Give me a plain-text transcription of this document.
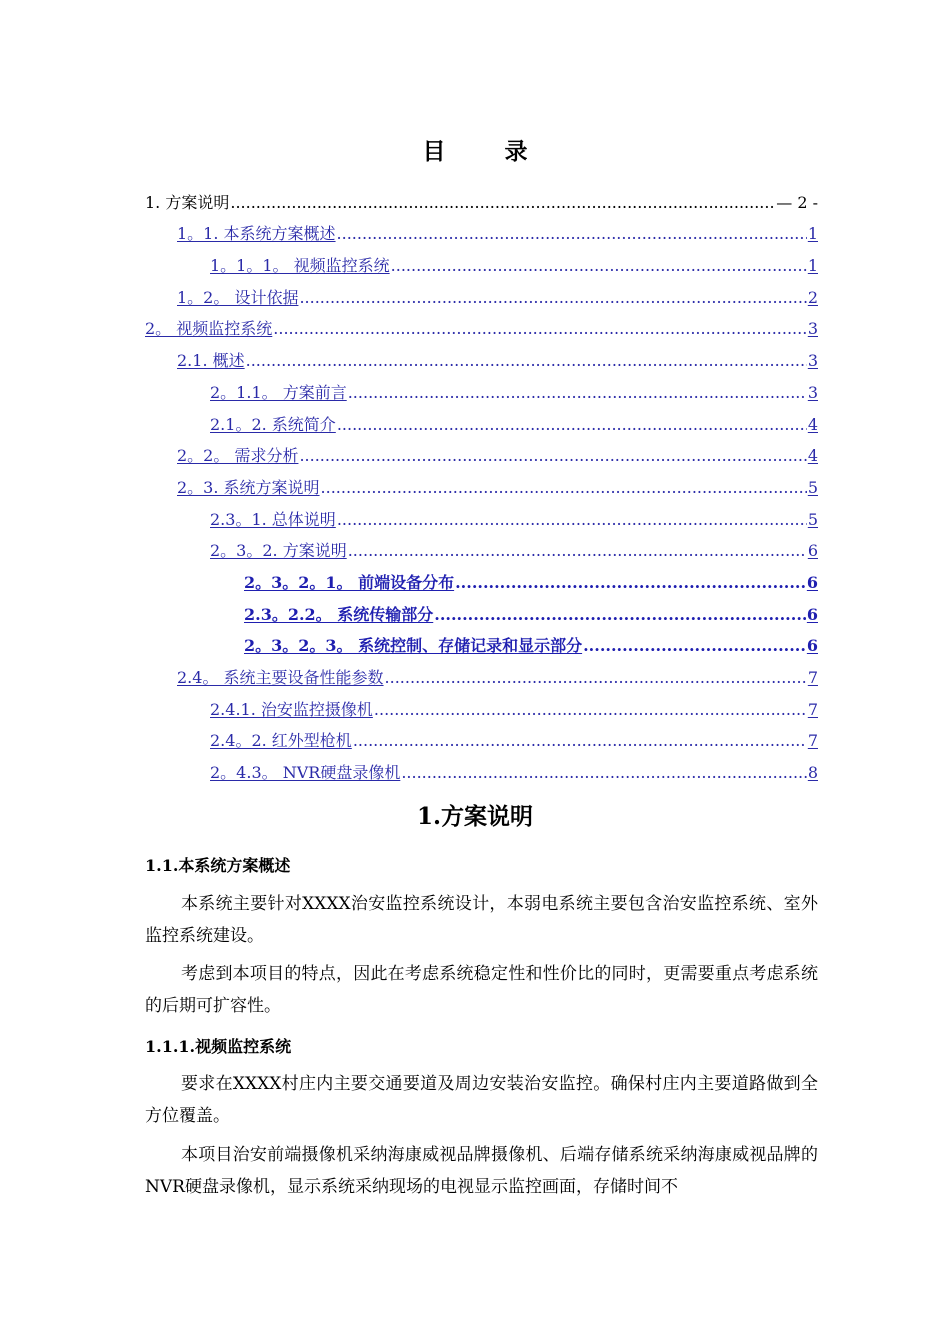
目　录
1. 方案说明 .....	— 2 -
1。1. 本系统方案概述 .....	1
1。1。1。 视频监控系统 .....	1
1。2。 设计依据 .....	2
2。 视频监控系统 .....	3
2.1. 概述 .....	3
2。1.1。 方案前言 .....	3
2.1。2. 系统简介 .....	4
2。2。 需求分析 .....	4
2。3. 系统方案说明 .....	5
2.3。1. 总体说明 .....	5
2。3。2. 方案说明 .....	6
2。3。2。1。 前端设备分布 .....	6
2.3。2.2。 系统传输部分 .....	6
2。3。2。3。 系统控制、存储记录和显示部分 .....	6
2.4。 系统主要设备性能参数 .....	7
2.4.1. 治安监控摄像机 .....	7
2.4。2. 红外型枪机 .....	7
2。4.3。 NVR硬盘录像机 .....	8
1.方案说明
1.1.本系统方案概述
本系统主要针对XXXX治安监控系统设计，本弱电系统主要包含治安监控系统、室外监控系统建设。
考虑到本项目的特点，因此在考虑系统稳定性和性价比的同时，更需要重点考虑系统的后期可扩容性。
1.1.1.视频监控系统
要求在XXXX村庄内主要交通要道及周边安装治安监控。确保村庄内主要道路做到全方位覆盖。
本项目治安前端摄像机采纳海康威视品牌摄像机、后端存储系统采纳海康威视品牌的NVR硬盘录像机，显示系统采纳现场的电视显示监控画面，存储时间不
